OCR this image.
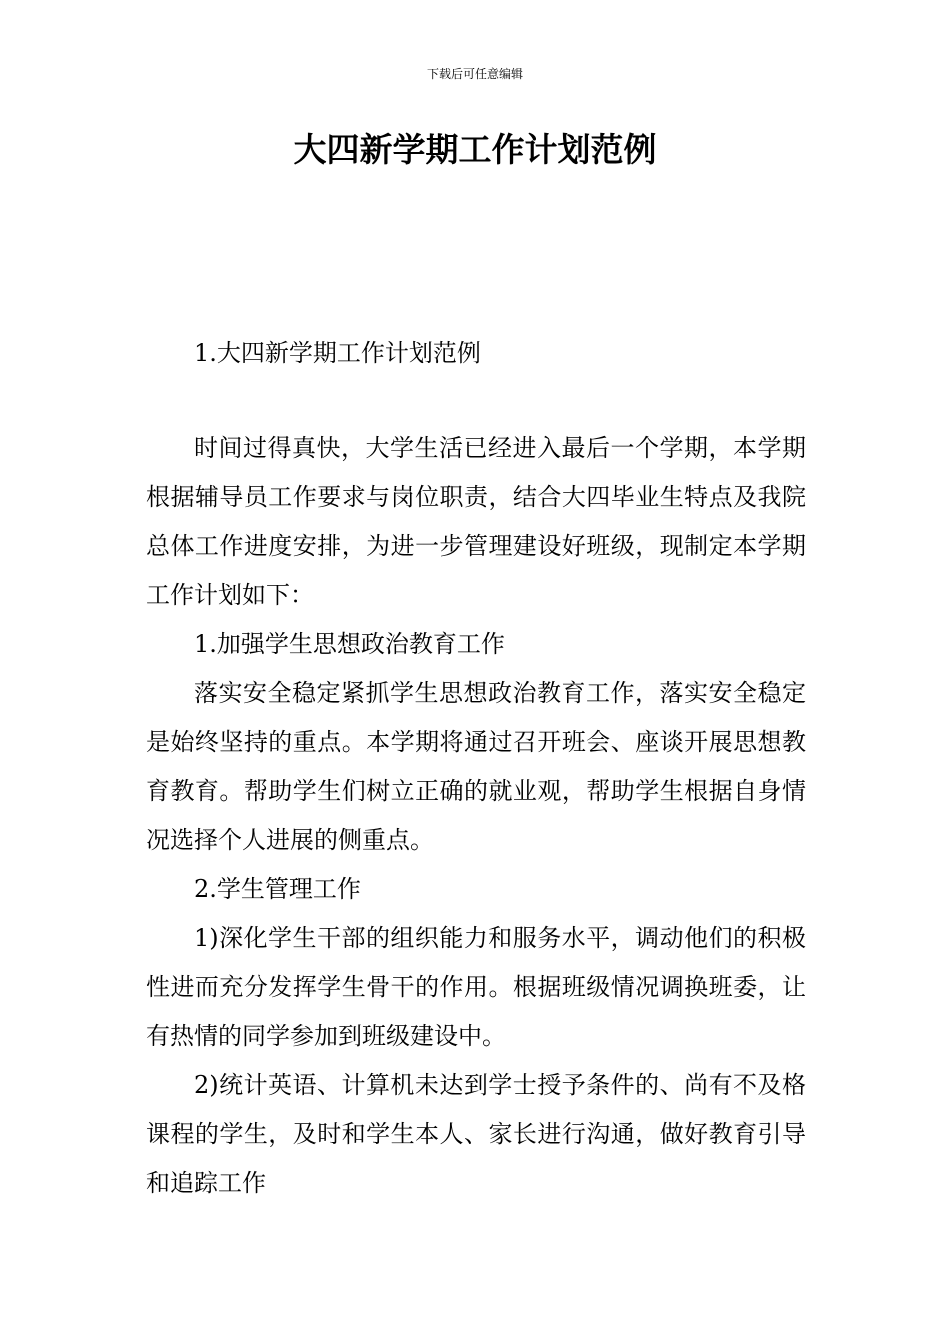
下载后可任意编辑
大四新学期工作计划范例

1.大四新学期工作计划范例

时间过得真快，大学生活已经进入最后一个学期，本学期根据辅导员工作要求与岗位职责，结合大四毕业生特点及我院总体工作进度安排，为进一步管理建设好班级，现制定本学期工作计划如下：

1.加强学生思想政治教育工作

落实安全稳定紧抓学生思想政治教育工作，落实安全稳定是始终坚持的重点。本学期将通过召开班会、座谈开展思想教育教育。帮助学生们树立正确的就业观，帮助学生根据自身情况选择个人进展的侧重点。

2.学生管理工作

1)深化学生干部的组织能力和服务水平，调动他们的积极性进而充分发挥学生骨干的作用。根据班级情况调换班委，让有热情的同学参加到班级建设中。

2)统计英语、计算机未达到学士授予条件的、尚有不及格课程的学生，及时和学生本人、家长进行沟通，做好教育引导和追踪工作
